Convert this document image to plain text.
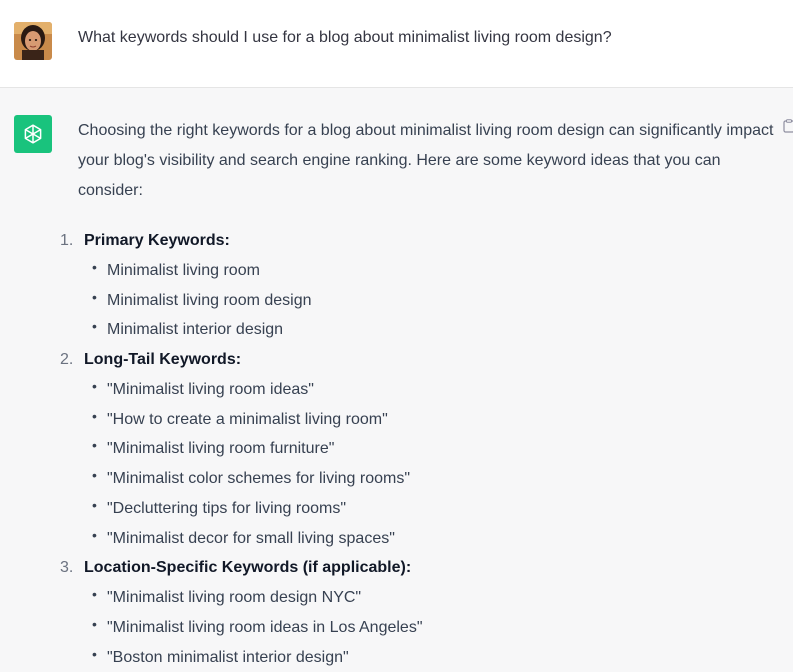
What keywords should I use for a blog about minimalist living room design?

Choosing the right keywords for a blog about minimalist living room design can significantly impact your blog's visibility and search engine ranking. Here are some keyword ideas that you can consider:

1. Primary Keywords:
• Minimalist living room
• Minimalist living room design
• Minimalist interior design
2. Long-Tail Keywords:
• "Minimalist living room ideas"
• "How to create a minimalist living room"
• "Minimalist living room furniture"
• "Minimalist color schemes for living rooms"
• "Decluttering tips for living rooms"
• "Minimalist decor for small living spaces"
3. Location-Specific Keywords (if applicable):
• "Minimalist living room design NYC"
• "Minimalist living room ideas in Los Angeles"
• "Boston minimalist interior design"
